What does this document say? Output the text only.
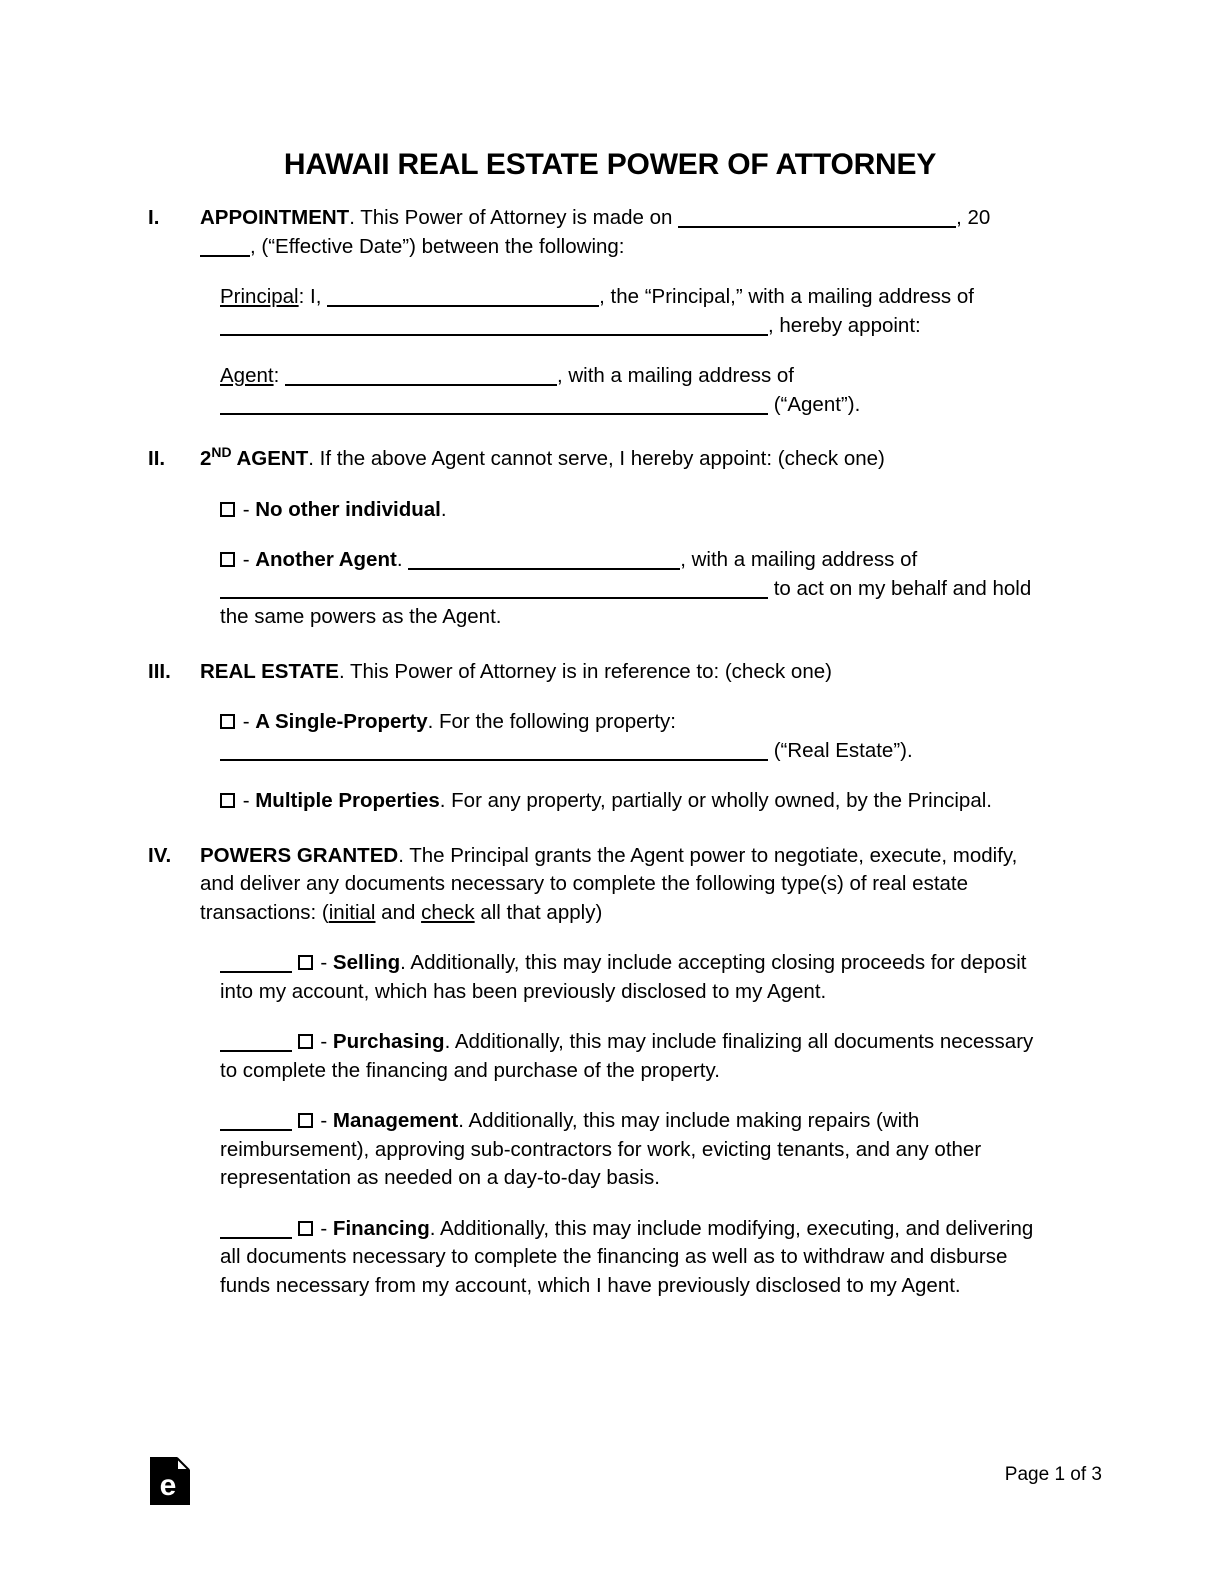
HAWAII REAL ESTATE POWER OF ATTORNEY
I.	APPOINTMENT. This Power of Attorney is made on	, 20, (“Effective Date”) between the following:
Principal: I,	, the “Principal,” with a mailing address of , hereby appoint:
Agent:	, with a mailing address of  (“Agent”).
II.	2ND AGENT. If the above Agent cannot serve, I hereby appoint: (check one)
- No other individual.
- Another Agent.	, with a mailing address of  to act on my behalf and hold the same powers as the Agent.
III.	REAL ESTATE. This Power of Attorney is in reference to: (check one)
- A Single-Property. For the following property:  (“Real Estate”).
- Multiple Properties. For any property, partially or wholly owned, by the Principal.
IV.	POWERS GRANTED. The Principal grants the Agent power to negotiate, execute, modify, and deliver any documents necessary to complete the following type(s) of real estate transactions: (initial and check all that apply)
- Selling. Additionally, this may include accepting closing proceeds for deposit into my account, which has been previously disclosed to my Agent.
- Purchasing. Additionally, this may include finalizing all documents necessary to complete the financing and purchase of the property.
- Management. Additionally, this may include making repairs (with reimbursement), approving sub-contractors for work, evicting tenants, and any other representation as needed on a day-to-day basis.
- Financing. Additionally, this may include modifying, executing, and delivering all documents necessary to complete the financing as well as to withdraw and disburse funds necessary from my account, which I have previously disclosed to my Agent.
e	Page 1 of 3
